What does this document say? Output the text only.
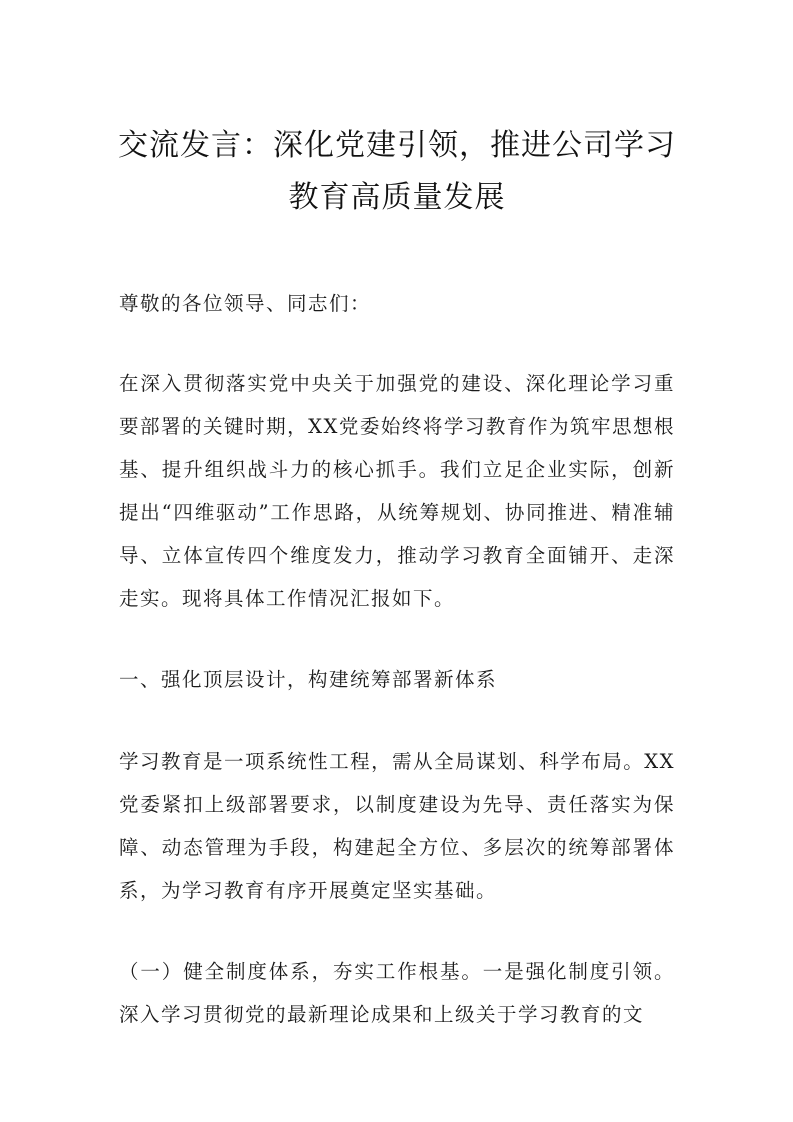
交流发言：深化党建引领，推进公司学习教育高质量发展

尊敬的各位领导、同志们：

在深入贯彻落实党中央关于加强党的建设、深化理论学习重要部署的关键时期，XX党委始终将学习教育作为筑牢思想根基、提升组织战斗力的核心抓手。我们立足企业实际，创新提出“四维驱动”工作思路，从统筹规划、协同推进、精准辅导、立体宣传四个维度发力，推动学习教育全面铺开、走深走实。现将具体工作情况汇报如下。

一、强化顶层设计，构建统筹部署新体系

学习教育是一项系统性工程，需从全局谋划、科学布局。XX党委紧扣上级部署要求，以制度建设为先导、责任落实为保障、动态管理为手段，构建起全方位、多层次的统筹部署体系，为学习教育有序开展奠定坚实基础。

（一）健全制度体系，夯实工作根基。一是强化制度引领。深入学习贯彻党的最新理论成果和上级关于学习教育的文
